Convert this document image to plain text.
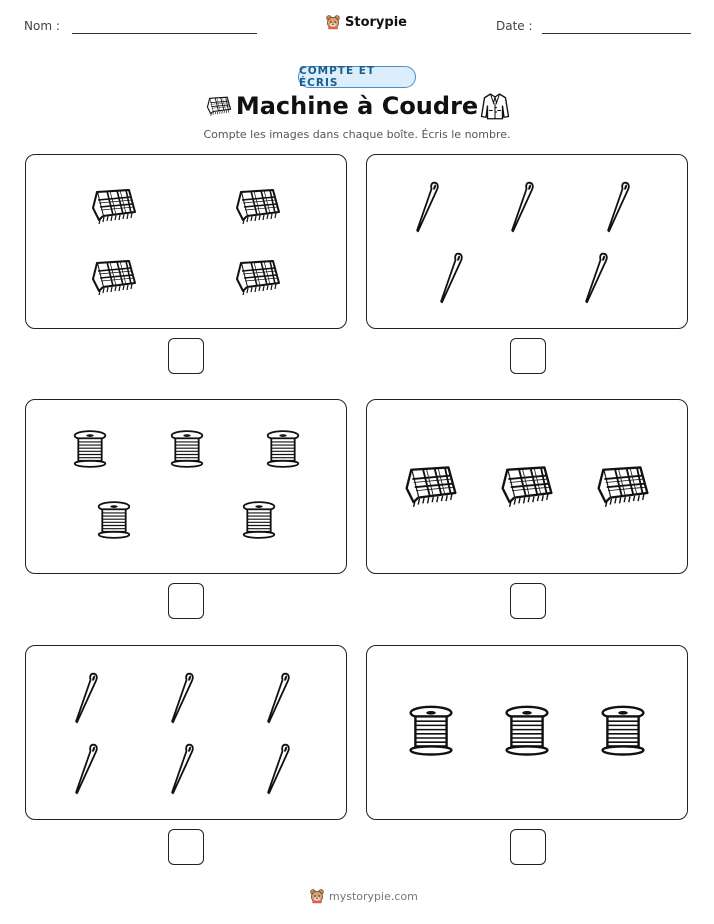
Nom :	Storypie	Date :
COMPTE ET ÉCRIS
Machine à Coudre
Compte les images dans chaque boîte. Écris le nombre.
mystorypie.com
